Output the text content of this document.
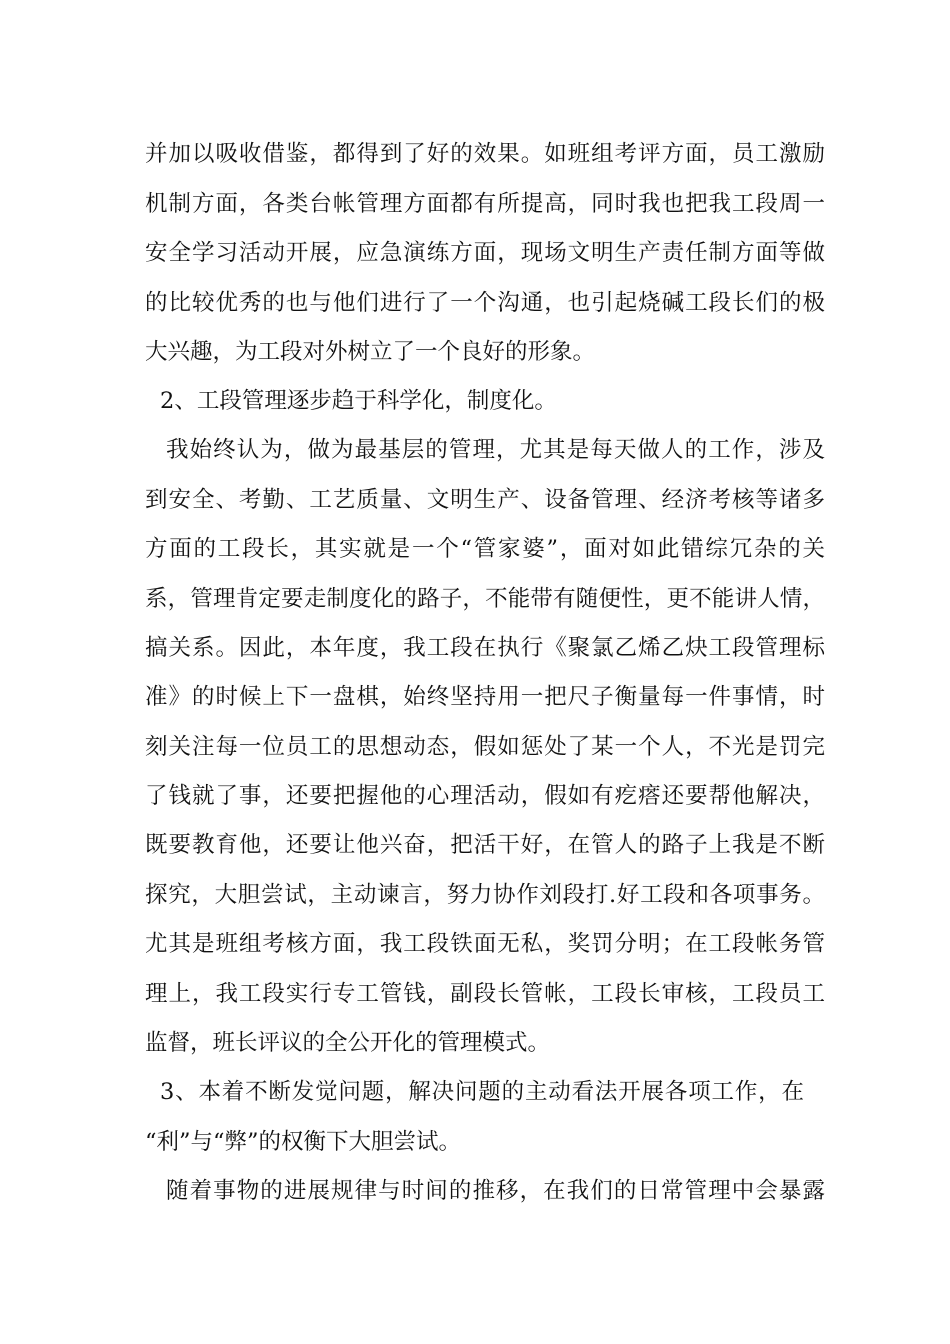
并加以吸收借鉴，都得到了好的效果。如班组考评方面，员工激励
机制方面，各类台帐管理方面都有所提高，同时我也把我工段周一
安全学习活动开展，应急演练方面，现场文明生产责任制方面等做
的比较优秀的也与他们进行了一个沟通，也引起烧碱工段长们的极
大兴趣，为工段对外树立了一个良好的形象。
2、工段管理逐步趋于科学化，制度化。
我始终认为，做为最基层的管理，尤其是每天做人的工作，涉及
到安全、考勤、工艺质量、文明生产、设备管理、经济考核等诸多
方面的工段长，其实就是一个“管家婆”，面对如此错综冗杂的关
系，管理肯定要走制度化的路子，不能带有随便性，更不能讲人情，
搞关系。因此，本年度，我工段在执行《聚氯乙烯乙炔工段管理标
准》的时候上下一盘棋，始终坚持用一把尺子衡量每一件事情，时
刻关注每一位员工的思想动态，假如惩处了某一个人，不光是罚完
了钱就了事，还要把握他的心理活动，假如有疙瘩还要帮他解决，
既要教育他，还要让他兴奋，把活干好，在管人的路子上我是不断
探究，大胆尝试，主动谏言，努力协作刘段打.好工段和各项事务。
尤其是班组考核方面，我工段铁面无私，奖罚分明；在工段帐务管
理上，我工段实行专工管钱，副段长管帐，工段长审核，工段员工
监督，班长评议的全公开化的管理模式。
3、本着不断发觉问题，解决问题的主动看法开展各项工作，在
“利”与“弊”的权衡下大胆尝试。
随着事物的进展规律与时间的推移，在我们的日常管理中会暴露
